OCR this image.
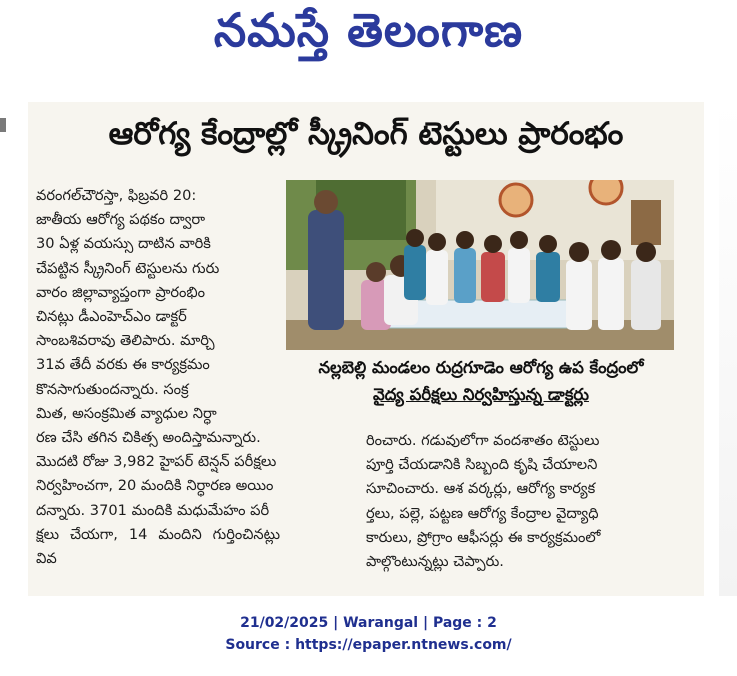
నమస్తే తెలంగాణ
ఆరోగ్య కేంద్రాల్లో స్క్రీనింగ్ టెస్టులు ప్రారంభం

వరంగల్‌చౌరస్తా, ఫిబ్రవరి 20:

జాతీయ ఆరోగ్య పథకం ద్వారా

30 ఏళ్ల వయస్సు దాటిన వారికి

చేపట్టిన స్క్రీనింగ్ టెస్టులను గురు

వారం జిల్లావ్యాప్తంగా ప్రారంభిం

చినట్లు డీఎంహెచ్ఎం డాక్టర్

సాంబశివరావు తెలిపారు. మార్చి

31వ తేదీ వరకు ఈ కార్యక్రమం

కొనసాగుతుందన్నారు. సంక్ర

మిత, అసంక్రమిత వ్యాధుల నిర్ధా

రణ చేసి తగిన చికిత్స అందిస్తామన్నారు.

మొదటి రోజు 3,982 హైపర్ టెన్షన్ పరీక్షలు

నిర్వహించగా, 20 మందికి నిర్ధారణ అయిం

దన్నారు. 3701 మందికి మధుమేహం పరీ

క్షలు చేయగా, 14 మందిని గుర్తించినట్లు వివ

నల్లబెల్లి మండలం రుద్రగూడెం ఆరోగ్య ఉప కేంద్రంలో
వైద్య పరీక్షలు నిర్వహిస్తున్న డాక్టర్లు

రించారు. గడువులోగా వందశాతం టెస్టులు

పూర్తి చేయడానికి సిబ్బంది కృషి చేయాలని

సూచించారు. ఆశ వర్కర్లు, ఆరోగ్య కార్యక

ర్తలు, పల్లె, పట్టణ ఆరోగ్య కేంద్రాల వైద్యాధి

కారులు, ప్రోగ్రాం ఆఫీసర్లు ఈ కార్యక్రమంలో

పాల్గొంటున్నట్లు చెప్పారు.

21/02/2025 | Warangal | Page : 2
Source : https://epaper.ntnews.com/
